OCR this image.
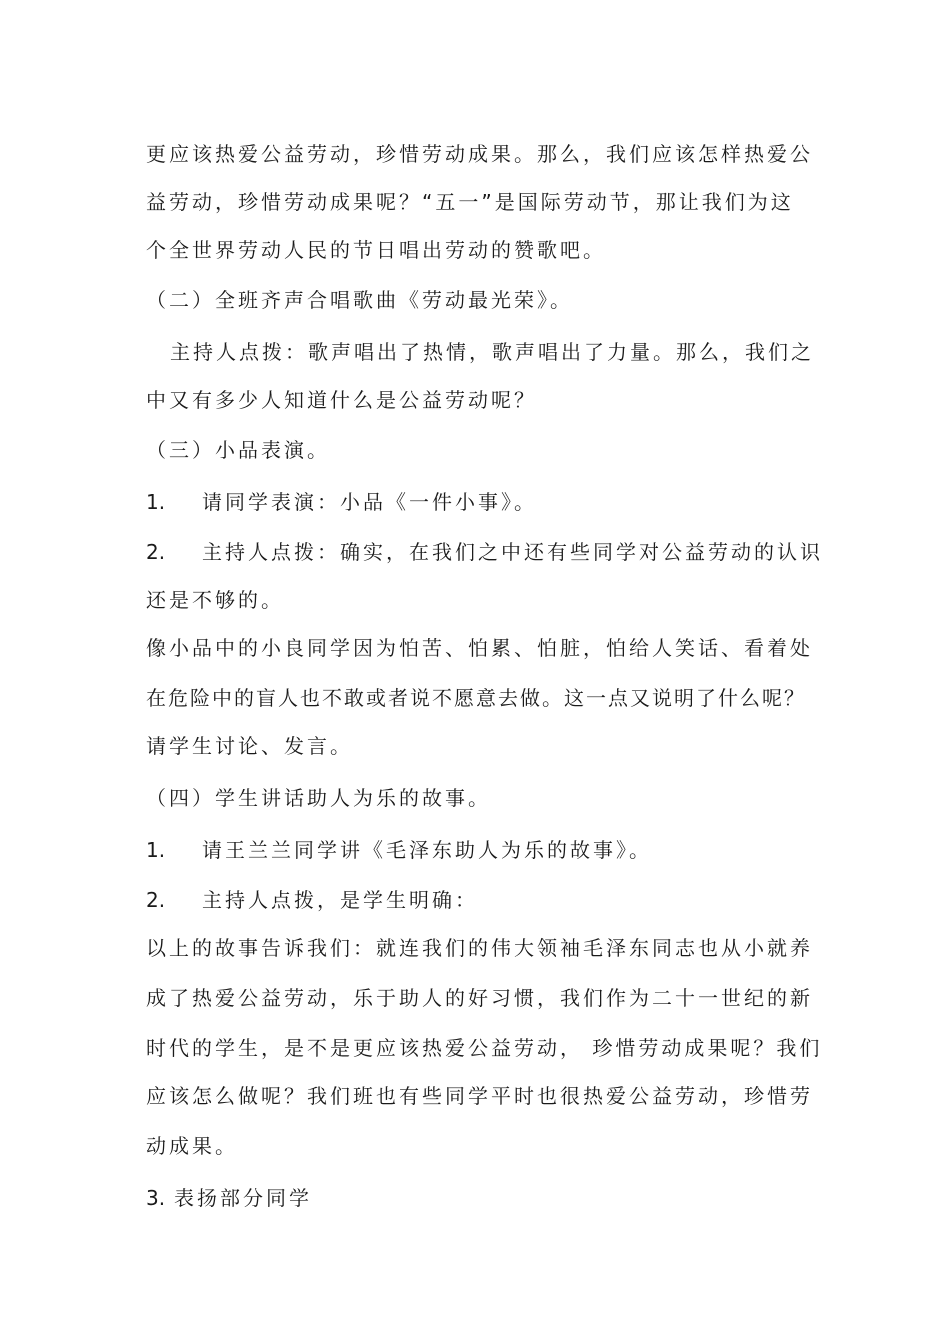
更应该热爱公益劳动，珍惜劳动成果。那么，我们应该怎样热爱公
益劳动，珍惜劳动成果呢？“五一”是国际劳动节，那让我们为这
个全世界劳动人民的节日唱出劳动的赞歌吧。
（二）全班齐声合唱歌曲《劳动最光荣》。
主持人点拨：歌声唱出了热情，歌声唱出了力量。那么，我们之
中又有多少人知道什么是公益劳动呢？
（三）小品表演。
1. 请同学表演：小品《一件小事》。
2. 主持人点拨：确实，在我们之中还有些同学对公益劳动的认识
还是不够的。
像小品中的小良同学因为怕苦、怕累、怕脏，怕给人笑话、看着处
在危险中的盲人也不敢或者说不愿意去做。这一点又说明了什么呢？
请学生讨论、发言。
（四）学生讲话助人为乐的故事。
1. 请王兰兰同学讲《毛泽东助人为乐的故事》。
2. 主持人点拨，是学生明确：
以上的故事告诉我们：就连我们的伟大领袖毛泽东同志也从小就养
成了热爱公益劳动，乐于助人的好习惯，我们作为二十一世纪的新
时代的学生，是不是更应该热爱公益劳动， 珍惜劳动成果呢？我们
应该怎么做呢？我们班也有些同学平时也很热爱公益劳动，珍惜劳
动成果。
3. 表扬部分同学
